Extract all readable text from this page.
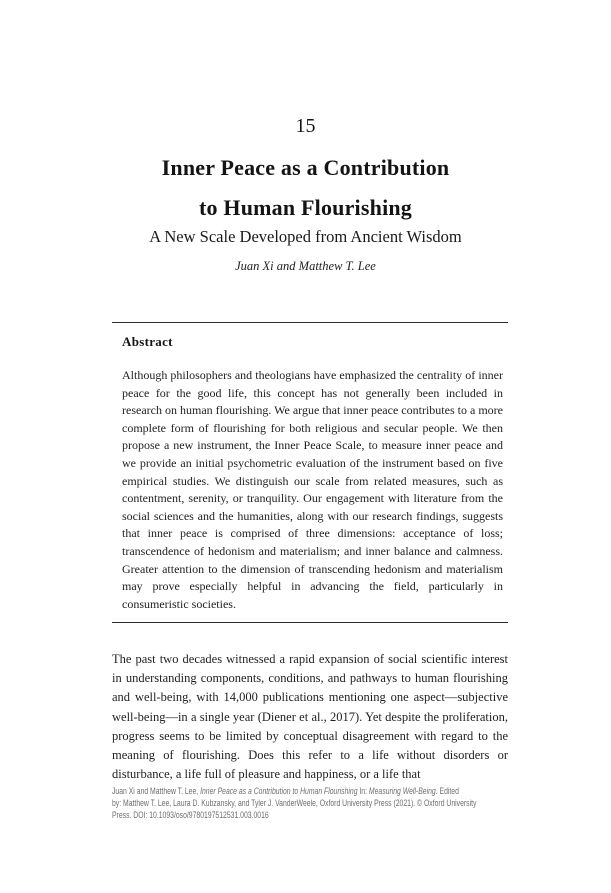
15
Inner Peace as a Contribution
to Human Flourishing
A New Scale Developed from Ancient Wisdom
Juan Xi and Matthew T. Lee
Abstract
Although philosophers and theologians have emphasized the centrality of inner peace for the good life, this concept has not generally been included in research on human flourishing. We argue that inner peace contributes to a more complete form of flourishing for both religious and secular people. We then propose a new instrument, the Inner Peace Scale, to measure inner peace and we provide an initial psychometric evaluation of the instrument based on five empirical studies. We distinguish our scale from related measures, such as contentment, serenity, or tranquility. Our engagement with literature from the social sciences and the humanities, along with our research findings, suggests that inner peace is comprised of three dimensions: acceptance of loss; transcendence of hedonism and materialism; and inner balance and calmness. Greater attention to the dimension of transcending hedonism and materialism may prove especially helpful in advancing the field, particularly in consumeristic societies.
The past two decades witnessed a rapid expansion of social scientific interest in understanding components, conditions, and pathways to human flourishing and well-being, with 14,000 publications mentioning one aspect—subjective well-being—in a single year (Diener et al., 2017). Yet despite the proliferation, progress seems to be limited by conceptual disagreement with regard to the meaning of flourishing. Does this refer to a life without disorders or disturbance, a life full of pleasure and happiness, or a life that
Juan Xi and Matthew T. Lee, Inner Peace as a Contribution to Human Flourishing In: Measuring Well-Being. Edited
by: Matthew T. Lee, Laura D. Kubzansky, and Tyler J. VanderWeele, Oxford University Press (2021). © Oxford University
Press. DOI: 10.1093/oso/9780197512531.003.0016
